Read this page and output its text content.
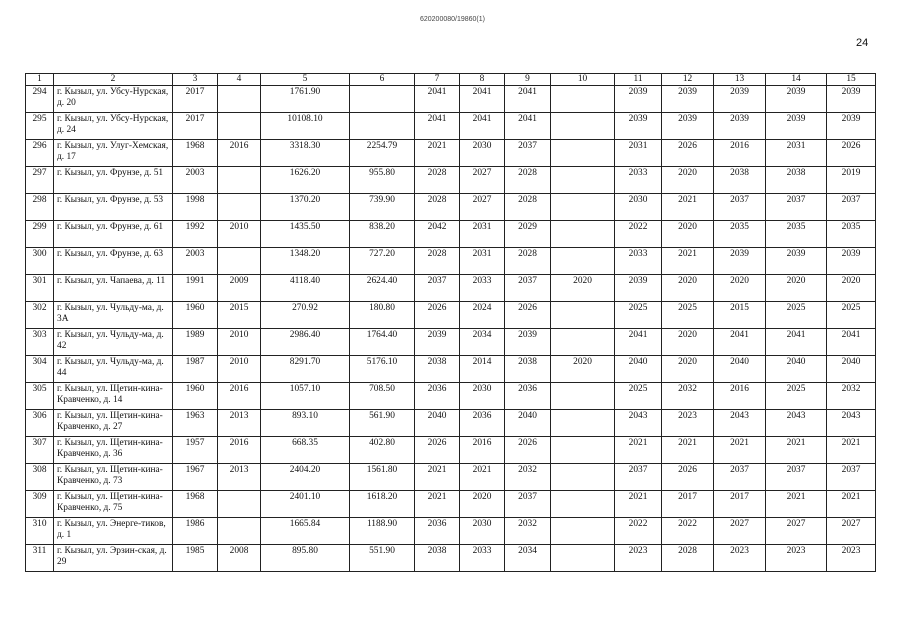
620200080/19860(1)
24
1	2	3	4	5	6	7	8	9	10	11	12	13	14	15
294	г. Кызыл, ул. Убсу-Нурская, д. 20	2017		1761.90		2041	2041	2041		2039	2039	2039	2039	2039
295	г. Кызыл, ул. Убсу-Нурская, д. 24	2017		10108.10		2041	2041	2041		2039	2039	2039	2039	2039
296	г. Кызыл, ул. Улуг-Хемская, д. 17	1968	2016	3318.30	2254.79	2021	2030	2037		2031	2026	2016	2031	2026
297	г. Кызыл, ул. Фрунзе, д. 51	2003		1626.20	955.80	2028	2027	2028		2033	2020	2038	2038	2019
298	г. Кызыл, ул. Фрунзе, д. 53	1998		1370.20	739.90	2028	2027	2028		2030	2021	2037	2037	2037
299	г. Кызыл, ул. Фрунзе, д. 61	1992	2010	1435.50	838.20	2042	2031	2029		2022	2020	2035	2035	2035
300	г. Кызыл, ул. Фрунзе, д. 63	2003		1348.20	727.20	2028	2031	2028		2033	2021	2039	2039	2039
301	г. Кызыл, ул. Чапаева, д. 11	1991	2009	4118.40	2624.40	2037	2033	2037	2020	2039	2020	2020	2020	2020
302	г. Кызыл, ул. Чульду-ма, д. 3А	1960	2015	270.92	180.80	2026	2024	2026		2025	2025	2015	2025	2025
303	г. Кызыл, ул. Чульду-ма, д. 42	1989	2010	2986.40	1764.40	2039	2034	2039		2041	2020	2041	2041	2041
304	г. Кызыл, ул. Чульду-ма, д. 44	1987	2010	8291.70	5176.10	2038	2014	2038	2020	2040	2020	2040	2040	2040
305	г. Кызыл, ул. Щетин-кина-Кравченко, д. 14	1960	2016	1057.10	708.50	2036	2030	2036		2025	2032	2016	2025	2032
306	г. Кызыл, ул. Щетин-кина-Кравченко, д. 27	1963	2013	893.10	561.90	2040	2036	2040		2043	2023	2043	2043	2043
307	г. Кызыл, ул. Щетин-кина-Кравченко, д. 36	1957	2016	668.35	402.80	2026	2016	2026		2021	2021	2021	2021	2021
308	г. Кызыл, ул. Щетин-кина-Кравченко, д. 73	1967	2013	2404.20	1561.80	2021	2021	2032		2037	2026	2037	2037	2037
309	г. Кызыл, ул. Щетин-кина-Кравченко, д. 75	1968		2401.10	1618.20	2021	2020	2037		2021	2017	2017	2021	2021
310	г. Кызыл, ул. Энерге-тиков, д. 1	1986		1665.84	1188.90	2036	2030	2032		2022	2022	2027	2027	2027
311	г. Кызыл, ул. Эрзин-ская, д. 29	1985	2008	895.80	551.90	2038	2033	2034		2023	2028	2023	2023	2023
